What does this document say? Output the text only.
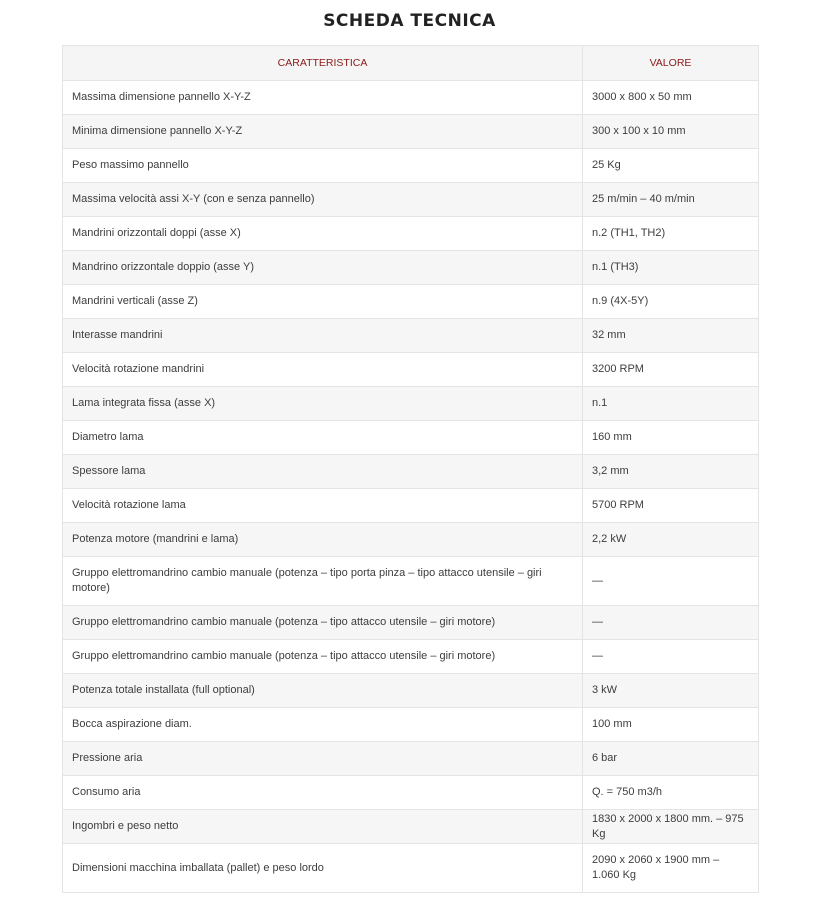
SCHEDA TECNICA
CARATTERISTICA	VALORE
Massima dimensione pannello X-Y-Z	3000 x 800 x 50 mm
Minima dimensione pannello X-Y-Z	300 x 100 x 10 mm
Peso massimo pannello	25 Kg
Massima velocità assi X-Y (con e senza pannello)	25 m/min – 40 m/min
Mandrini orizzontali doppi (asse X)	n.2 (TH1, TH2)
Mandrino orizzontale doppio (asse Y)	n.1 (TH3)
Mandrini verticali (asse Z)	n.9 (4X-5Y)
Interasse mandrini	32 mm
Velocità rotazione mandrini	3200 RPM
Lama integrata fissa (asse X)	n.1
Diametro lama	160 mm
Spessore lama	3,2 mm
Velocità rotazione lama	5700 RPM
Potenza motore (mandrini e lama)	2,2 kW
Gruppo elettromandrino cambio manuale (potenza – tipo porta pinza – tipo attacco utensile – giri motore)	—
Gruppo elettromandrino cambio manuale (potenza – tipo attacco utensile – giri motore)	—
Gruppo elettromandrino cambio manuale (potenza – tipo attacco utensile – giri motore)	—
Potenza totale installata (full optional)	3 kW
Bocca aspirazione diam.	100 mm
Pressione aria	6 bar
Consumo aria	Q. = 750 m3/h
Ingombri e peso netto	1830 x 2000 x 1800 mm. – 975 Kg
Dimensioni macchina imballata (pallet) e peso lordo	2090 x 2060 x 1900 mm – 1.060 Kg
